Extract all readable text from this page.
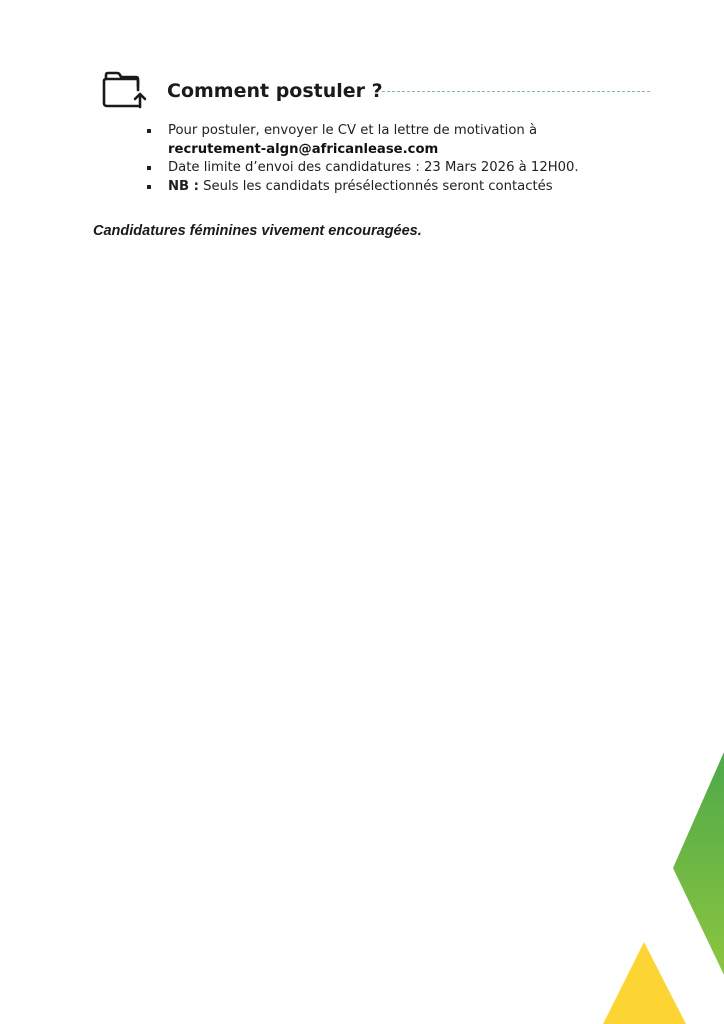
Comment postuler ?
Pour postuler, envoyer le CV et la lettre de motivation à
recrutement-algn@africanlease.com
Date limite d’envoi des candidatures : 23 Mars 2026 à 12H00.
NB : Seuls les candidats présélectionnés seront contactés
Candidatures féminines vivement encouragées.
